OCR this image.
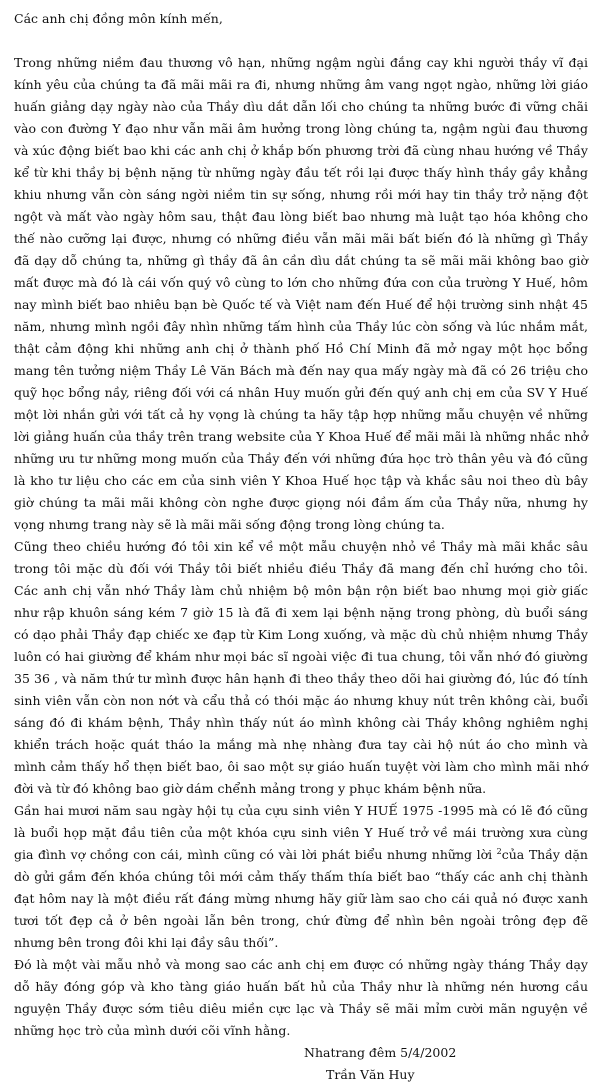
Các anh chị đồng môn kính mến,

Trong những niềm đau thương vô hạn, những ngậm ngùi đắng cay khi người thầy vĩ đại kính yêu của chúng ta đã mãi mãi ra đi, nhưng những âm vang ngọt ngào, những lời giáo huấn giảng dạy ngày nào của Thầy dìu dắt dẫn lối cho chúng ta những bước đi vững chãi vào con đường Y đạo như vẫn mãi âm hưởng trong lòng chúng ta, ngậm ngùi đau thương và xúc động biết bao khi các anh chị ở khắp bốn phương trời đã cùng nhau hướng về Thầy kể từ khi thầy bị bệnh nặng từ những ngày đầu tết rồi lại được thấy hình thầy gầy khẳng khiu nhưng vẫn còn sáng ngời niềm tin sự sống, nhưng rồi mới hay tin thầy trở nặng đột ngột và mất vào ngày hôm sau, thật đau lòng biết bao nhưng mà luật tạo hóa không cho thế nào cưỡng lại được, nhưng có những điều vẫn mãi mãi bất biến đó là những gì Thầy đã dạy dỗ chúng ta, những gì thầy đã ân cần dìu dắt chúng ta sẽ mãi mãi không bao giờ mất được mà đó là cái vốn quý vô cùng to lớn cho những đứa con của trường Y Huế, hôm nay mình biết bao nhiêu bạn bè Quốc tế và Việt nam đến Huế để hội trường sinh nhật 45 năm, nhưng mình ngồi đây nhìn những tấm hình của Thầy lúc còn sống và lúc nhắm mắt, thật cảm động khi những anh chị ở thành phố Hồ Chí Minh đã mở ngay một học bổng mang tên tưởng niệm Thầy Lê Văn Bách mà đến nay qua mấy ngày mà đã có 26 triệu cho quỹ học bổng nầy, riêng đối với cá nhân Huy muốn gửi đến quý anh chị em của SV Y Huế một lời nhắn gửi với tất cả hy vọng là chúng ta hãy tập hợp những mẫu chuyện về những lời giảng huấn của thầy trên trang website của Y Khoa Huế để mãi mãi là những nhắc nhở những ưu tư những mong muốn của Thầy đến với những đứa học trò thân yêu và đó cũng là kho tư liệu cho các em của sinh viên Y Khoa Huế học tập và khắc sâu noi theo dù bây giờ chúng ta mãi mãi không còn nghe được giọng nói đầm ấm của Thầy nữa, nhưng hy vọng nhưng trang này sẽ là mãi mãi sống động trong lòng chúng ta.

Cũng theo chiều hướng đó tôi xin kể về một mẫu chuyện nhỏ về Thầy mà mãi khắc sâu trong tôi mặc dù đối với Thầy tôi biết nhiều điều Thầy đã mang đến chỉ hướng cho tôi. Các anh chị vẫn nhớ Thầy làm chủ nhiệm bộ môn bận rộn biết bao nhưng mọi giờ giấc như rập khuôn sáng kém 7 giờ 15 là đã đi xem lại bệnh nặng trong phòng, dù buổi sáng có dạo phải Thầy đạp chiếc xe đạp từ Kim Long xuống, và mặc dù chủ nhiệm nhưng Thầy luôn có hai giường để khám như mọi bác sĩ ngoài việc đi tua chung, tôi vẫn nhớ đó giường 35 36 , và năm thứ tư mình được hân hạnh đi theo thầy theo dõi hai giường đó, lúc đó tính sinh viên vẫn còn non nớt và cẩu thả có thói mặc áo nhưng khuy nút trên không cài, buổi sáng đó đi khám bệnh, Thầy nhìn thấy nút áo mình không cài Thầy không nghiêm nghị khiển trách hoặc quát tháo la mắng mà nhẹ nhàng đưa tay cài hộ nút áo cho mình và mình cảm thấy hổ thẹn biết bao, ôi sao một sự giáo huấn tuyệt vời làm cho mình mãi nhớ đời và từ đó không bao giờ dám chểnh mảng trong y phục khám bệnh nữa.

Gần hai mươi năm sau ngày hội tụ của cựu sinh viên Y HUẾ 1975 -1995 mà có lẽ đó cũng là buổi họp mặt đầu tiên của một khóa cựu sinh viên Y Huế trở về mái trường xưa cùng gia đình vợ chồng con cái, mình cũng có vài lời phát biểu nhưng những lời $^2$của Thầy dặn dò gửi gắm đến khóa chúng tôi mới cảm thấy thấm thía biết bao “thấy các anh chị thành đạt hôm nay là một điều rất đáng mừng nhưng hãy giữ làm sao cho cái quả nó được xanh tươi tốt đẹp cả ở bên ngoài lẫn bên trong, chứ đừng để nhìn bên ngoài trông đẹp đẽ nhưng bên trong đôi khi lại đầy sâu thối”.

Đó là một vài mẫu nhỏ và mong sao các anh chị em được có những ngày tháng Thầy dạy dỗ hãy đóng góp và kho tàng giáo huấn bất hủ của Thầy như là những nén hương cầu nguyện Thầy được sớm tiêu diêu miền cực lạc và Thầy sẽ mãi mỉm cười mãn nguyện về những học trò của mình dưới cõi vĩnh hằng.

Nhatrang đêm 5/4/2002
Trần Văn Huy
